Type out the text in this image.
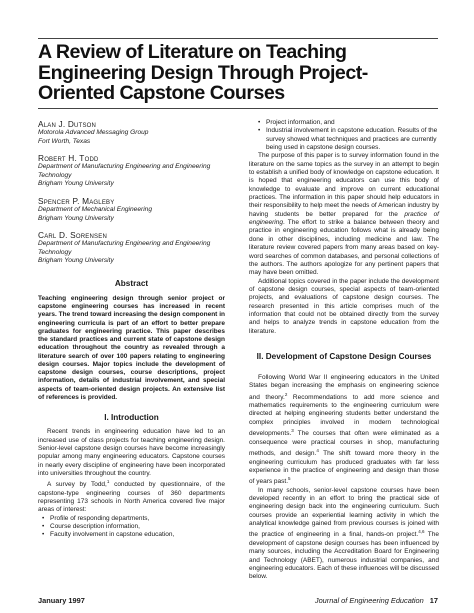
A Review of Literature on Teaching Engineering Design Through Project-Oriented Capstone Courses
Alan J. Dutson
Motorola Advanced Messaging Group
Fort Worth, Texas
Robert H. Todd
Department of Manufacturing Engineering and Engineering
Technology
Brigham Young University
Spencer P. Magleby
Department of Mechanical Engineering
Brigham Young University
Carl D. Sorensen
Department of Manufacturing Engineering and Engineering
Technology
Brigham Young University
Abstract

Teaching engineering design through senior project or capstone engineering courses has increased in recent years. The trend toward increasing the design component in engineering curricula is part of an effort to better prepare graduates for engineering practice. This paper describes the standard practices and current state of capstone design education throughout the country as revealed through a literature search of over 100 papers relating to engineering design courses. Major topics include the development of capstone design courses, course descriptions, project information, details of industrial involvement, and special aspects of team-oriented design projects. An extensive list of references is provided.

I. Introduction

Recent trends in engineering education have led to an increased use of class projects for teaching engineering design. Senior-level capstone design courses have become increasingly popular among many engineering educators. Capstone courses in nearly every discipline of engineering have been incorporated into universities throughout the country.

A survey by Todd,$^1$ conducted by questionnaire, of the capstone-type engineering courses of 360 departments representing 173 schools in North America covered five major areas of interest:

• Profile of responding departments,
• Course description information,
• Faculty involvement in capstone education,
• Project information, and
• Industrial involvement in capstone education. Results of the survey showed what techniques and practices are currently being used in capstone design courses.

The purpose of this paper is to survey information found in the literature on the same topics as the survey in an attempt to begin to establish a unified body of knowledge on capstone education. It is hoped that engineering educators can use this body of knowledge to evaluate and improve on current educational practices. The information in this paper should help educators in their responsibility to help meet the needs of American industry by having students be better prepared for the practice of engineering. The effort to strike a balance between theory and practice in engineering education follows what is already being done in other disciplines, including medicine and law. The literature review covered papers from many areas based on key-word searches of common databases, and personal collections of the authors. The authors apologize for any pertinent papers that may have been omitted.

Additional topics covered in the paper include the development of capstone design courses, special aspects of team-oriented projects, and evaluations of capstone design courses. The research presented in this article comprises much of the information that could not be obtained directly from the survey and helps to analyze trends in capstone education from the literature.

II. Development of Capstone Design Courses

Following World War II engineering educators in the United States began increasing the emphasis on engineering science and theory.$^2$ Recommendations to add more science and mathematics requirements to the engineering curriculum were directed at helping engineering students better understand the complex principles involved in modern technological developments.$^3$ The courses that often were eliminated as a consequence were practical courses in shop, manufacturing methods, and design.$^4$ The shift toward more theory in the engineering curriculum has produced graduates with far less experience in the practice of engineering and design than those of years past.$^5$

In many schools, senior-level capstone courses have been developed recently in an effort to bring the practical side of engineering design back into the engineering curriculum. Such courses provide an experiential learning activity in which the analytical knowledge gained from previous courses is joined with the practice of engineering in a final, hands-on project.$^{4,6}$ The development of capstone design courses has been influenced by many sources, including the Accreditation Board for Engineering and Technology (ABET), numerous industrial companies, and engineering educators. Each of these influences will be discussed below.

January 1997	Journal of Engineering Education 17
